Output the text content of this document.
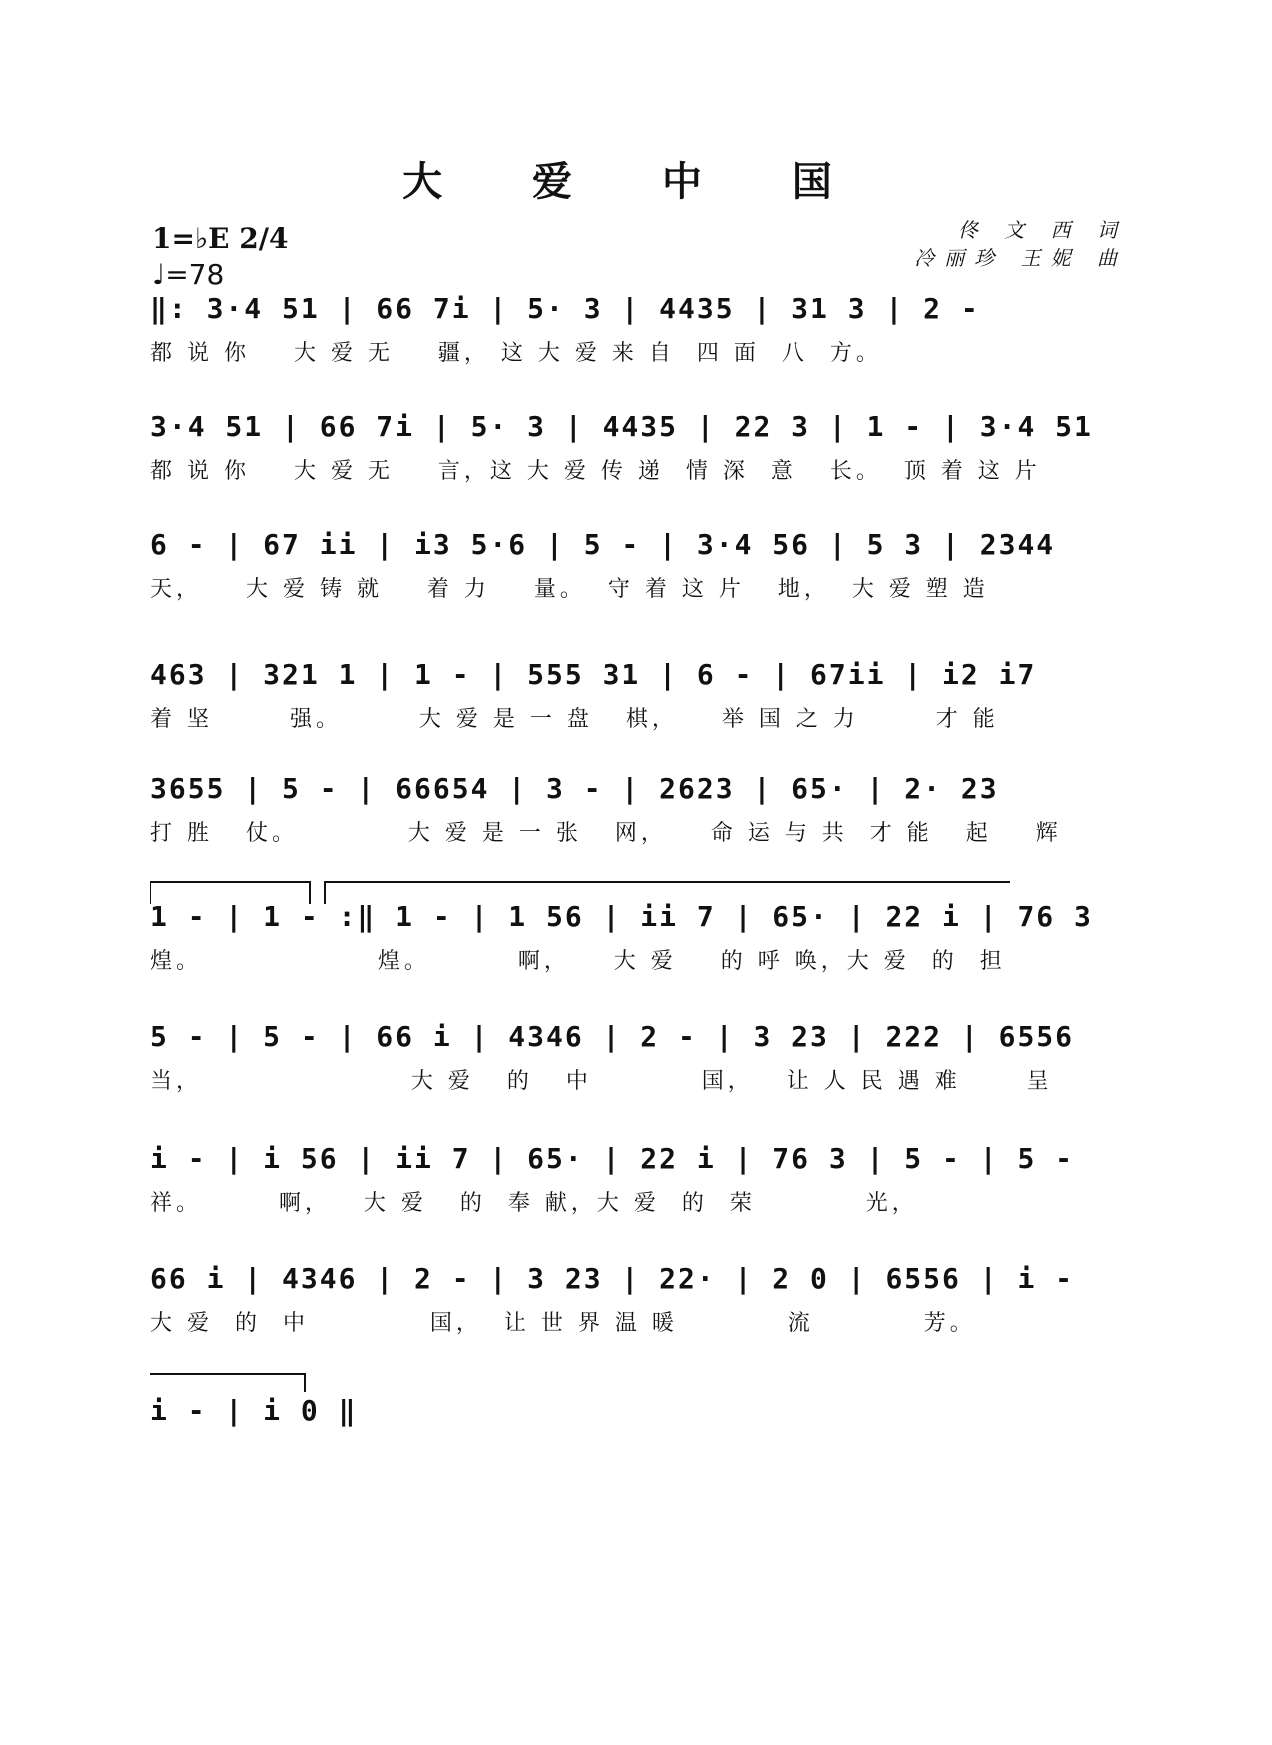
大 爱 中 国
佟 文 西 词
冷丽珍 王妮 曲
1=♭E 2/4
♩=78
‖: 3·4 51 | 66 7i | 5· 3 | 4435 | 31 3 | 2 -
都 说 你    大 爱 无    疆， 这 大 爱 来 自  四 面  八  方。
3·4 51 | 66 7i | 5· 3 | 4435 | 22 3 | 1 - | 3·4 51
都 说 你    大 爱 无    言，这 大 爱 传 递  情 深  意   长。  顶 着 这 片
6 - | 67 ii | i3 5·6 | 5 - | 3·4 56 | 5 3 | 2344
天，    大 爱 铸 就    着 力    量。  守 着 这 片   地，  大 爱 塑 造
463 | 321 1 | 1 - | 555 31 | 6 - | 67ii | i2 i7
着 坚       强。       大 爱 是 一 盘   棋，    举 国 之 力       才 能
3655 | 5 - | 66654 | 3 - | 2623 | 65· | 2· 23
打 胜   仗。          大 爱 是 一 张   网，    命 运 与 共  才 能   起    辉
1 - | 1 - :‖ 1 - | 1 56 | ii 7 | 65· | 22 i | 76 3
煌。                煌。        啊，    大 爱    的 呼 唤，大 爱  的  担
5 - | 5 - | 66 i | 4346 | 2 - | 3 23 | 222 | 6556
当，                   大 爱   的   中          国，   让 人 民 遇 难      呈
i - | i 56 | ii 7 | 65· | 22 i | 76 3 | 5 - | 5 -
祥。       啊，   大 爱   的  奉 献，大 爱  的  荣          光，
66 i | 4346 | 2 - | 3 23 | 22· | 2 0 | 6556 | i -
大 爱  的  中           国，  让 世 界 温 暖          流          芳。
i - | i 0 ‖
